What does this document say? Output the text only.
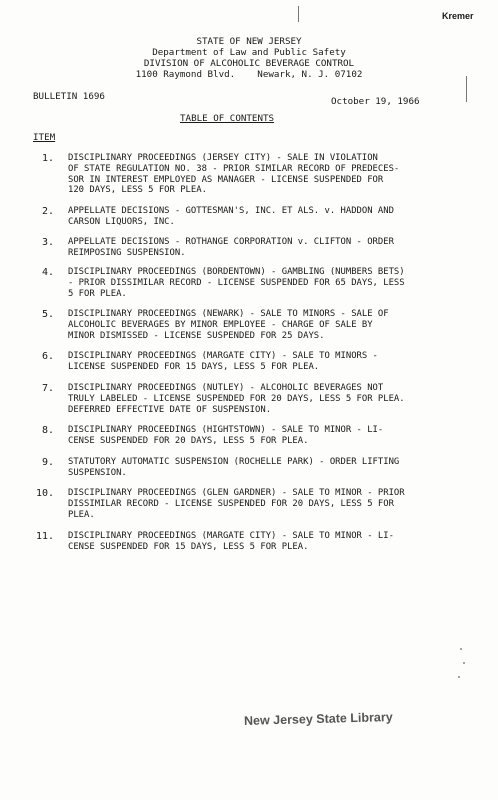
Kremer
STATE OF NEW JERSEY
Department of Law and Public Safety
DIVISION OF ALCOHOLIC BEVERAGE CONTROL
1100 Raymond Blvd.    Newark, N. J. 07102
BULLETIN 1696	October 19, 1966
TABLE OF CONTENTS
ITEM
1. DISCIPLINARY PROCEEDINGS (JERSEY CITY) - SALE IN VIOLATION
OF STATE REGULATION NO. 38 - PRIOR SIMILAR RECORD OF PREDECES-
SOR IN INTEREST EMPLOYED AS MANAGER - LICENSE SUSPENDED FOR
120 DAYS, LESS 5 FOR PLEA.
2. APPELLATE DECISIONS - GOTTESMAN'S, INC. ET ALS. v. HADDON AND
CARSON LIQUORS, INC.
3. APPELLATE DECISIONS - ROTHANGE CORPORATION v. CLIFTON - ORDER
REIMPOSING SUSPENSION.
4. DISCIPLINARY PROCEEDINGS (BORDENTOWN) - GAMBLING (NUMBERS BETS)
- PRIOR DISSIMILAR RECORD - LICENSE SUSPENDED FOR 65 DAYS, LESS
5 FOR PLEA.
5. DISCIPLINARY PROCEEDINGS (NEWARK) - SALE TO MINORS - SALE OF
ALCOHOLIC BEVERAGES BY MINOR EMPLOYEE - CHARGE OF SALE BY
MINOR DISMISSED - LICENSE SUSPENDED FOR 25 DAYS.
6. DISCIPLINARY PROCEEDINGS (MARGATE CITY) - SALE TO MINORS -
LICENSE SUSPENDED FOR 15 DAYS, LESS 5 FOR PLEA.
7. DISCIPLINARY PROCEEDINGS (NUTLEY) - ALCOHOLIC BEVERAGES NOT
TRULY LABELED - LICENSE SUSPENDED FOR 20 DAYS, LESS 5 FOR PLEA.
DEFERRED EFFECTIVE DATE OF SUSPENSION.
8. DISCIPLINARY PROCEEDINGS (HIGHTSTOWN) - SALE TO MINOR - LI-
CENSE SUSPENDED FOR 20 DAYS, LESS 5 FOR PLEA.
9. STATUTORY AUTOMATIC SUSPENSION (ROCHELLE PARK) - ORDER LIFTING
SUSPENSION.
10. DISCIPLINARY PROCEEDINGS (GLEN GARDNER) - SALE TO MINOR - PRIOR
DISSIMILAR RECORD - LICENSE SUSPENDED FOR 20 DAYS, LESS 5 FOR
PLEA.
11. DISCIPLINARY PROCEEDINGS (MARGATE CITY) - SALE TO MINOR - LI-
CENSE SUSPENDED FOR 15 DAYS, LESS 5 FOR PLEA.
New Jersey State Library
